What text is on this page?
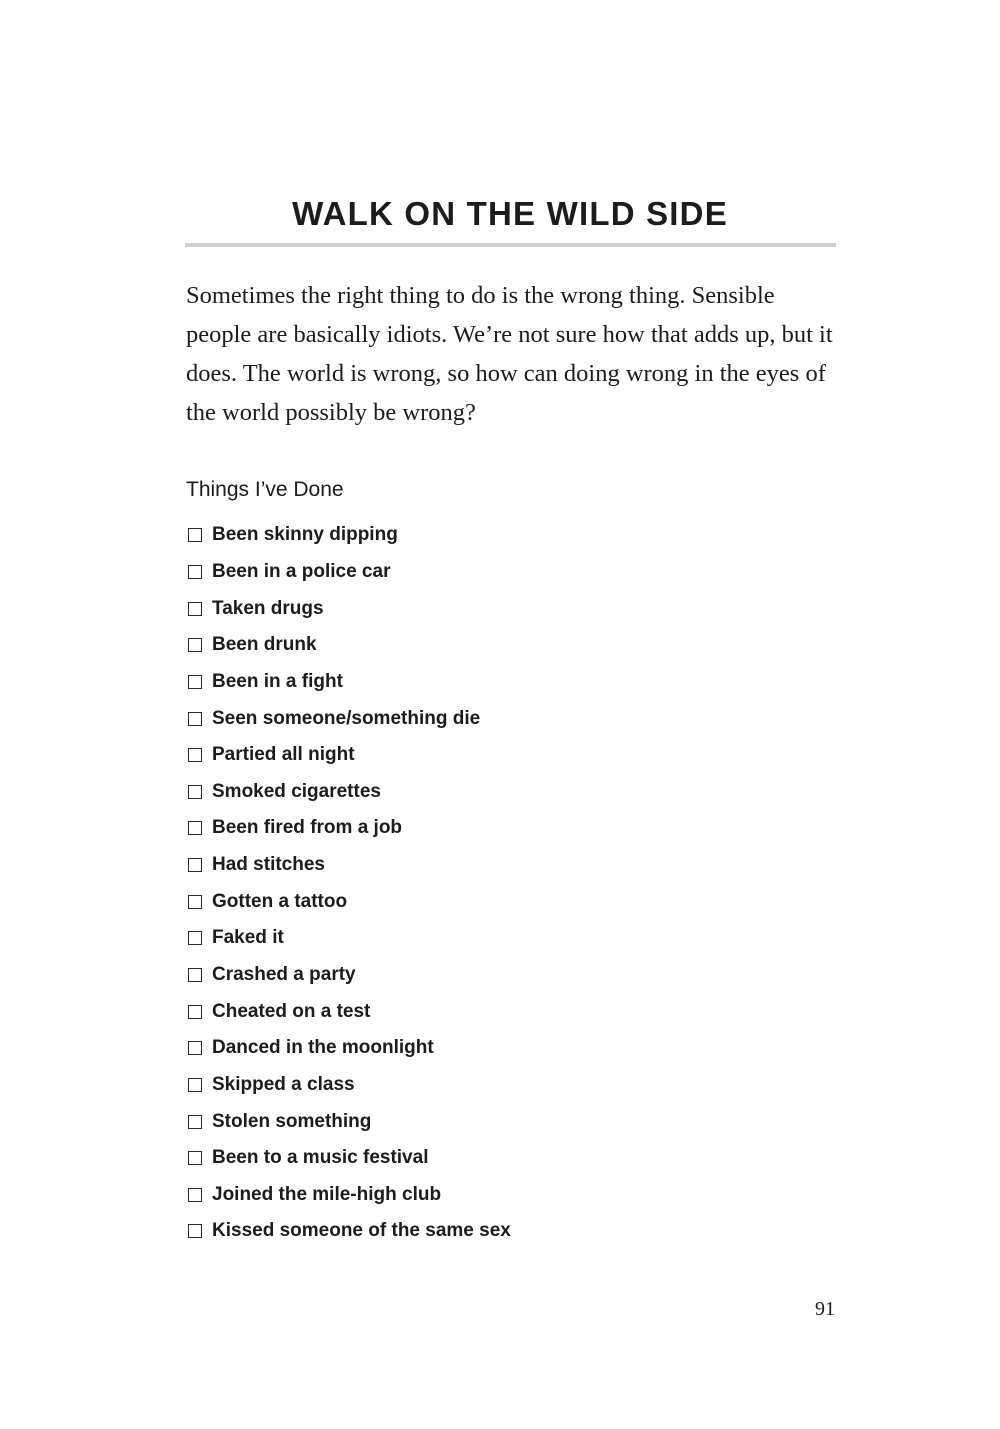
WALK ON THE WILD SIDE

Sometimes the right thing to do is the wrong thing. Sensible people are basically idiots. We’re not sure how that adds up, but it does. The world is wrong, so how can doing wrong in the eyes of the world possibly be wrong?

Things I’ve Done
Been skinny dipping
Been in a police car
Taken drugs
Been drunk
Been in a fight
Seen someone/something die
Partied all night
Smoked cigarettes
Been fired from a job
Had stitches
Gotten a tattoo
Faked it
Crashed a party
Cheated on a test
Danced in the moonlight
Skipped a class
Stolen something
Been to a music festival
Joined the mile-high club
Kissed someone of the same sex

91
